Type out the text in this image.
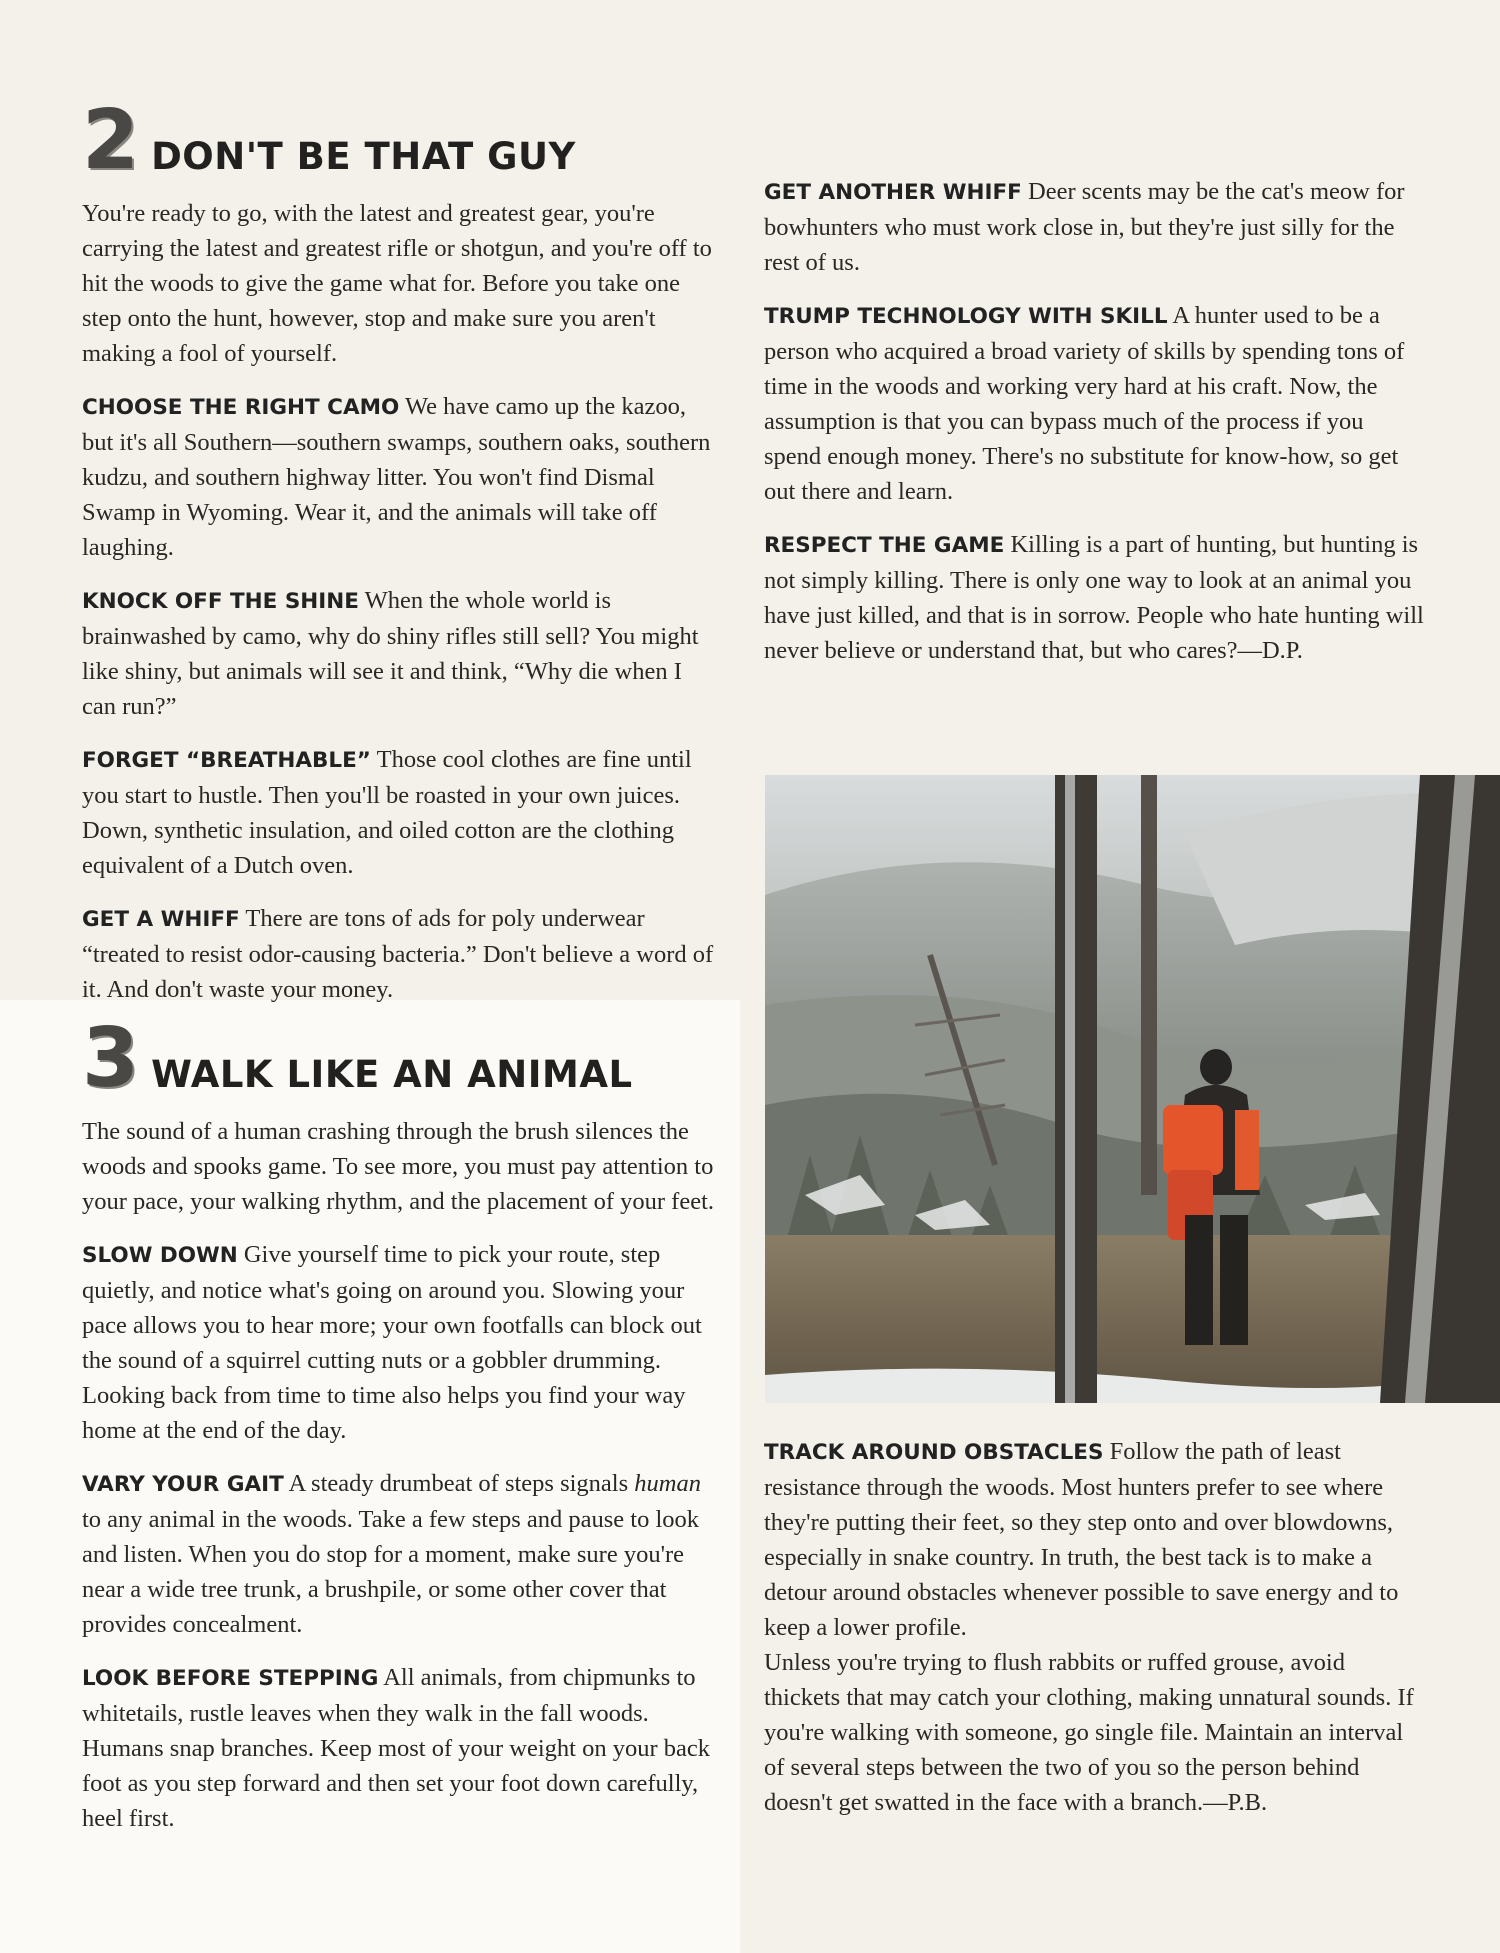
2 DON'T BE THAT GUY

You're ready to go, with the latest and greatest gear, you're carrying the latest and greatest rifle or shotgun, and you're off to hit the woods to give the game what for. Before you take one step onto the hunt, however, stop and make sure you aren't making a fool of yourself.

CHOOSE THE RIGHT CAMO We have camo up the kazoo, but it's all Southern—southern swamps, southern oaks, southern kudzu, and southern highway litter. You won't find Dismal Swamp in Wyoming. Wear it, and the animals will take off laughing.

KNOCK OFF THE SHINE When the whole world is brainwashed by camo, why do shiny rifles still sell? You might like shiny, but animals will see it and think, “Why die when I can run?”

FORGET “BREATHABLE” Those cool clothes are fine until you start to hustle. Then you'll be roasted in your own juices. Down, synthetic insulation, and oiled cotton are the clothing equivalent of a Dutch oven.

GET A WHIFF There are tons of ads for poly underwear “treated to resist odor-causing bacteria.” Don't believe a word of it. And don't waste your money.

GET ANOTHER WHIFF Deer scents may be the cat's meow for bowhunters who must work close in, but they're just silly for the rest of us.

TRUMP TECHNOLOGY WITH SKILL A hunter used to be a person who acquired a broad variety of skills by spending tons of time in the woods and working very hard at his craft. Now, the assumption is that you can bypass much of the process if you spend enough money. There's no substitute for know-how, so get out there and learn.

RESPECT THE GAME Killing is a part of hunting, but hunting is not simply killing. There is only one way to look at an animal you have just killed, and that is in sorrow. People who hate hunting will never believe or understand that, but who cares?—D.P.

3 WALK LIKE AN ANIMAL

The sound of a human crashing through the brush silences the woods and spooks game. To see more, you must pay attention to your pace, your walking rhythm, and the placement of your feet.

SLOW DOWN Give yourself time to pick your route, step quietly, and notice what's going on around you. Slowing your pace allows you to hear more; your own footfalls can block out the sound of a squirrel cutting nuts or a gobbler drumming. Looking back from time to time also helps you find your way home at the end of the day.

VARY YOUR GAIT A steady drumbeat of steps signals human to any animal in the woods. Take a few steps and pause to look and listen. When you do stop for a moment, make sure you're near a wide tree trunk, a brushpile, or some other cover that provides concealment.

LOOK BEFORE STEPPING All animals, from chipmunks to whitetails, rustle leaves when they walk in the fall woods. Humans snap branches. Keep most of your weight on your back foot as you step forward and then set your foot down carefully, heel first.

TRACK AROUND OBSTACLES Follow the path of least resistance through the woods. Most hunters prefer to see where they're putting their feet, so they step onto and over blowdowns, especially in snake country. In truth, the best tack is to make a detour around obstacles whenever possible to save energy and to keep a lower profile.

Unless you're trying to flush rabbits or ruffed grouse, avoid thickets that may catch your clothing, making unnatural sounds. If you're walking with someone, go single file. Maintain an interval of several steps between the two of you so the person behind doesn't get swatted in the face with a branch.—P.B.
